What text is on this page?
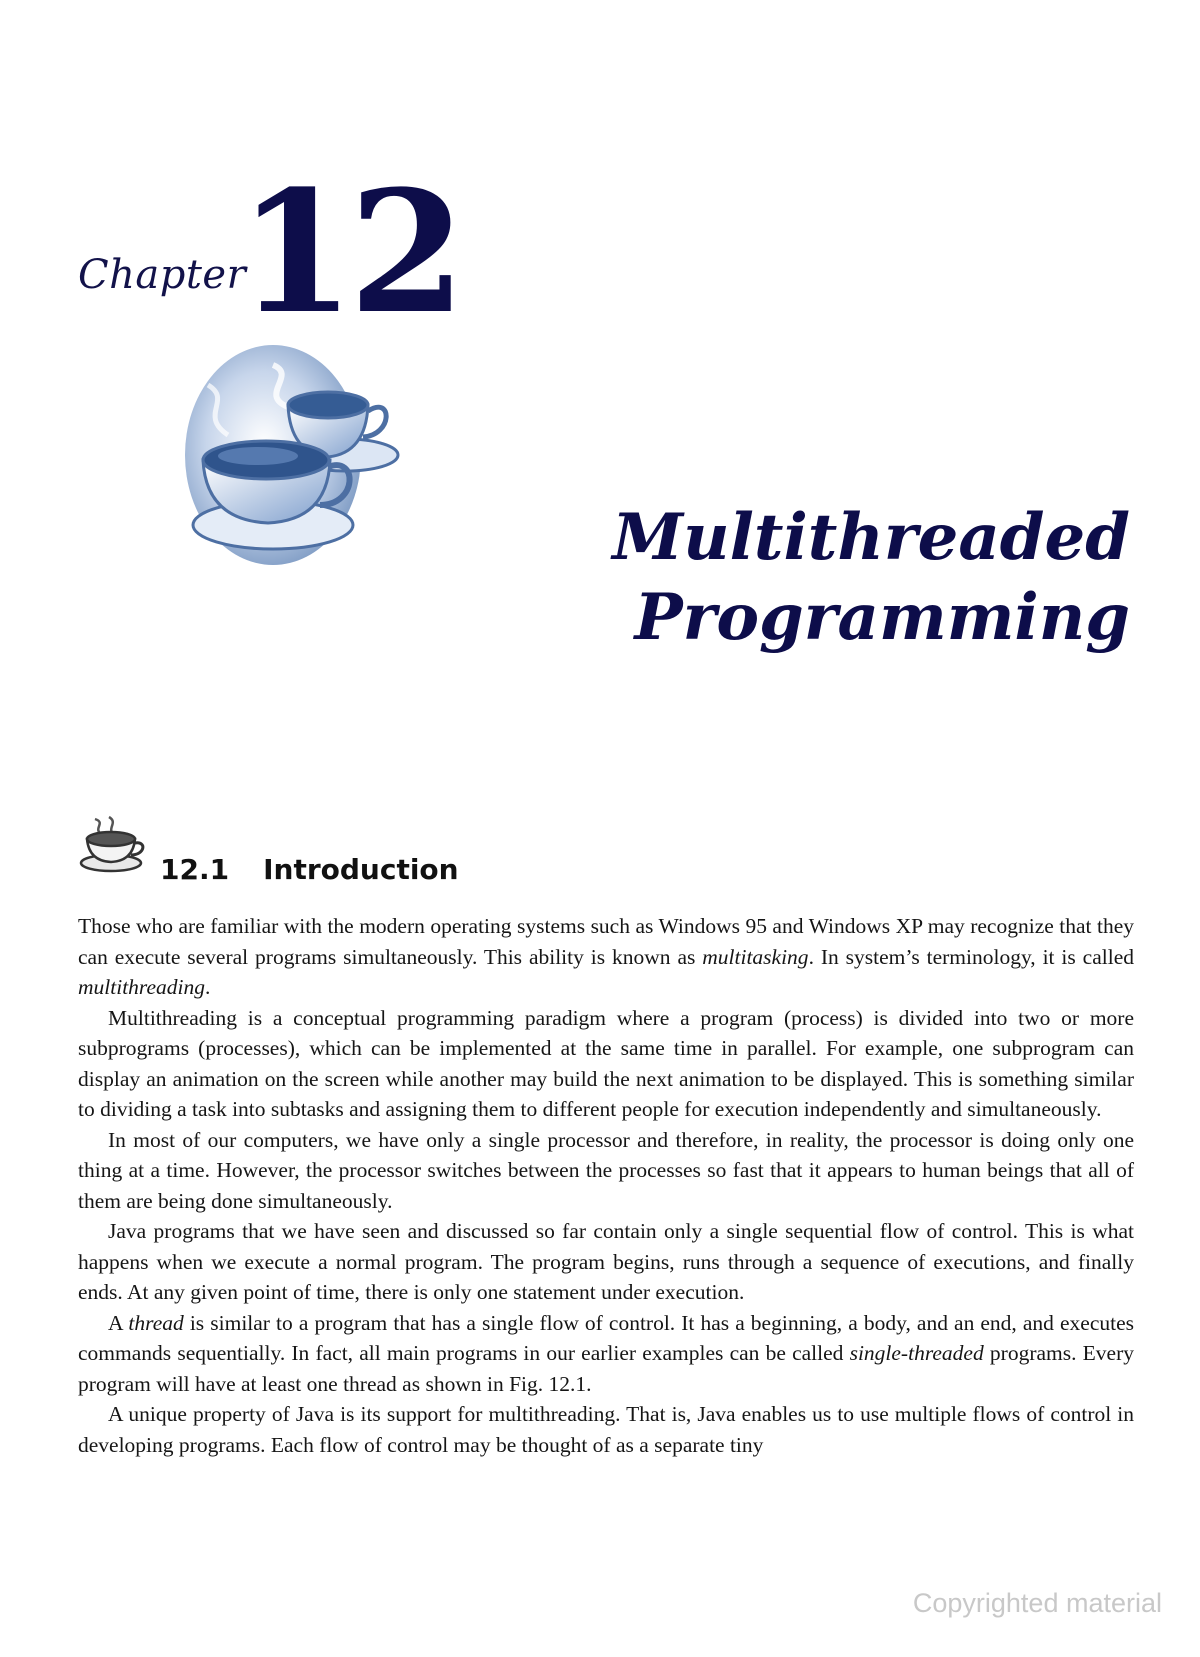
Chapter
12
Multithreaded
Programming
12.1 Introduction

Those who are familiar with the modern operating systems such as Windows 95 and Windows XP may recognize that they can execute several programs simultaneously. This ability is known as multitasking. In system’s terminology, it is called multithreading.

Multithreading is a conceptual programming paradigm where a program (process) is divided into two or more subprograms (processes), which can be implemented at the same time in parallel. For example, one subprogram can display an animation on the screen while another may build the next animation to be displayed. This is something similar to dividing a task into subtasks and assigning them to different people for execution independently and simultaneously.

In most of our computers, we have only a single processor and therefore, in reality, the processor is doing only one thing at a time. However, the processor switches between the processes so fast that it appears to human beings that all of them are being done simultaneously.

Java programs that we have seen and discussed so far contain only a single sequential flow of control. This is what happens when we execute a normal program. The program begins, runs through a sequence of executions, and finally ends. At any given point of time, there is only one statement under execution.

A thread is similar to a program that has a single flow of control. It has a beginning, a body, and an end, and executes commands sequentially. In fact, all main programs in our earlier examples can be called single-threaded programs. Every program will have at least one thread as shown in Fig. 12.1.

A unique property of Java is its support for multithreading. That is, Java enables us to use multiple flows of control in developing programs. Each flow of control may be thought of as a separate tiny

Copyrighted material
